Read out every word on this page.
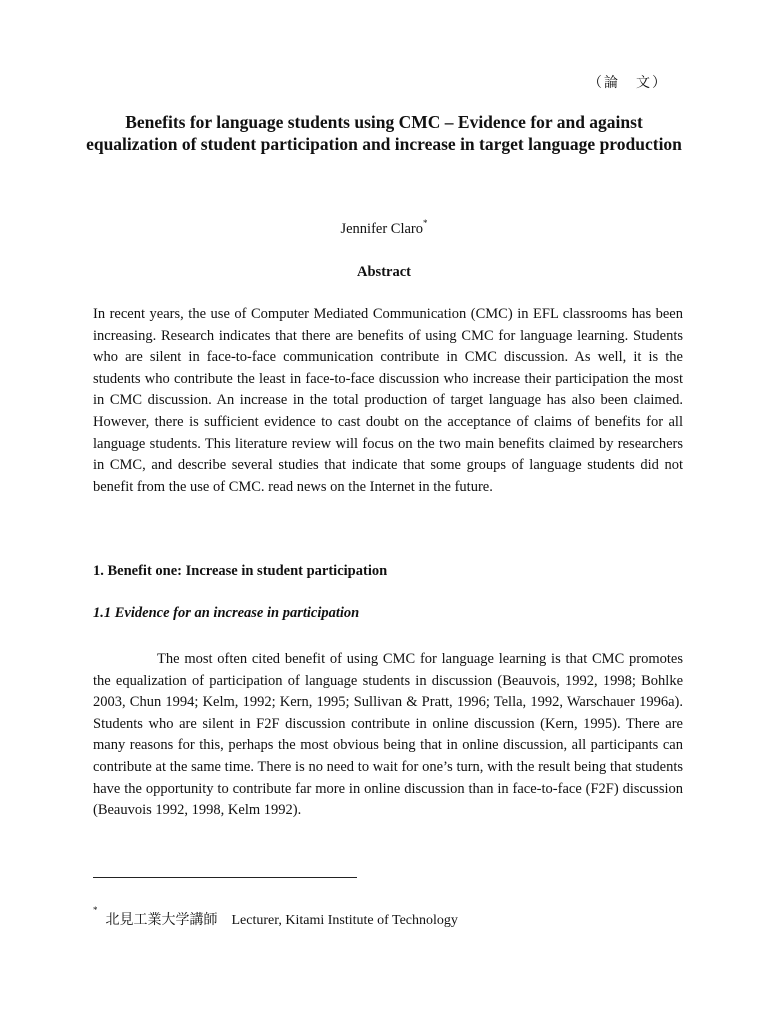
（論　文）
Benefits for language students using CMC – Evidence for and against equalization of student participation and increase in target language production
Jennifer Claro*
Abstract

In recent years, the use of Computer Mediated Communication (CMC) in EFL classrooms has been increasing. Research indicates that there are benefits of using CMC for language learning. Students who are silent in face-to-face communication contribute in CMC discussion. As well, it is the students who contribute the least in face-to-face discussion who increase their participation the most in CMC discussion. An increase in the total production of target language has also been claimed. However, there is sufficient evidence to cast doubt on the acceptance of claims of benefits for all language students. This literature review will focus on the two main benefits claimed by researchers in CMC, and describe several studies that indicate that some groups of language students did not benefit from the use of CMC. read news on the Internet in the future.

1. Benefit one: Increase in student participation
1.1 Evidence for an increase in participation

The most often cited benefit of using CMC for language learning is that CMC promotes the equalization of participation of language students in discussion (Beauvois, 1992, 1998; Bohlke 2003, Chun 1994; Kelm, 1992; Kern, 1995; Sullivan & Pratt, 1996; Tella, 1992, Warschauer 1996a). Students who are silent in F2F discussion contribute in online discussion (Kern, 1995). There are many reasons for this, perhaps the most obvious being that in online discussion, all participants can contribute at the same time. There is no need to wait for one’s turn, with the result being that students have the opportunity to contribute far more in online discussion than in face-to-face (F2F) discussion (Beauvois 1992, 1998, Kelm 1992).

*北見工業大学講師 Lecturer, Kitami Institute of Technology
